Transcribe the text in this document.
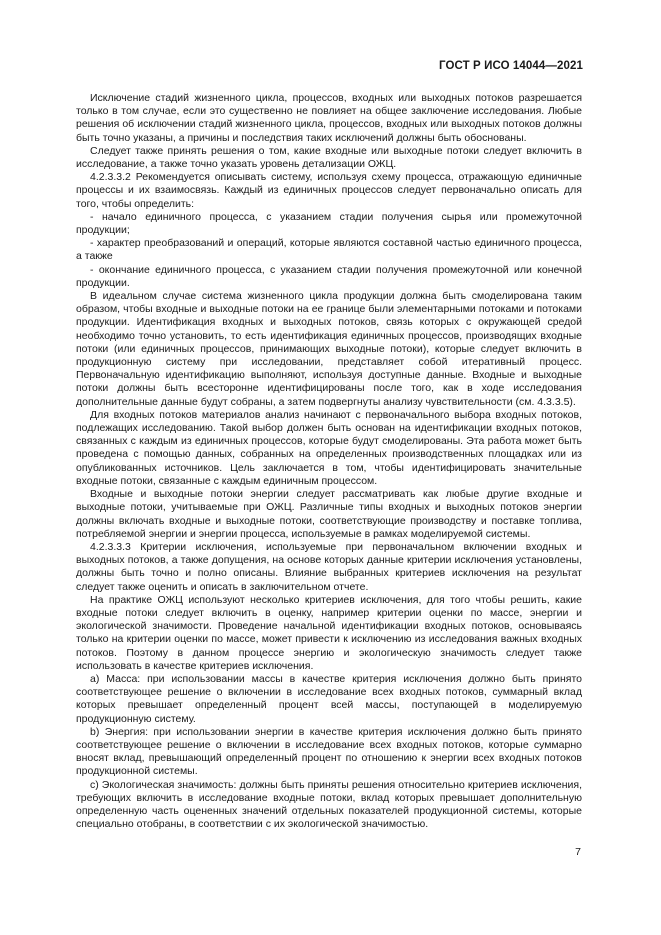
ГОСТ Р ИСО 14044—2021

Исключение стадий жизненного цикла, процессов, входных или выходных потоков разрешается только в том случае, если это существенно не повлияет на общее заключение исследования. Любые решения об исключении стадий жизненного цикла, процессов, входных или выходных потоков должны быть точно указаны, а причины и последствия таких исключений должны быть обоснованы.

Следует также принять решения о том, какие входные или выходные потоки следует включить в исследование, а также точно указать уровень детализации ОЖЦ.

4.2.3.3.2 Рекомендуется описывать систему, используя схему процесса, отражающую единичные процессы и их взаимосвязь. Каждый из единичных процессов следует первоначально описать для того, чтобы определить:

- начало единичного процесса, с указанием стадии получения сырья или промежуточной продукции;

- характер преобразований и операций, которые являются составной частью единичного процесса, а также

- окончание единичного процесса, с указанием стадии получения промежуточной или конечной продукции.

В идеальном случае система жизненного цикла продукции должна быть смоделирована таким образом, чтобы входные и выходные потоки на ее границе были элементарными потоками и потоками продукции. Идентификация входных и выходных потоков, связь которых с окружающей средой необходимо точно установить, то есть идентификация единичных процессов, производящих входные потоки (или единичных процессов, принимающих выходные потоки), которые следует включить в продукционную систему при исследовании, представляет собой итеративный процесс. Первоначальную идентификацию выполняют, используя доступные данные. Входные и выходные потоки должны быть всесторонне идентифицированы после того, как в ходе исследования дополнительные данные будут собраны, а затем подвергнуты анализу чувствительности (см. 4.3.3.5).

Для входных потоков материалов анализ начинают с первоначального выбора входных потоков, подлежащих исследованию. Такой выбор должен быть основан на идентификации входных потоков, связанных с каждым из единичных процессов, которые будут смоделированы. Эта работа может быть проведена с помощью данных, собранных на определенных производственных площадках или из опубликованных источников. Цель заключается в том, чтобы идентифицировать значительные входные потоки, связанные с каждым единичным процессом.

Входные и выходные потоки энергии следует рассматривать как любые другие входные и выходные потоки, учитываемые при ОЖЦ. Различные типы входных и выходных потоков энергии должны включать входные и выходные потоки, соответствующие производству и поставке топлива, потребляемой энергии и энергии процесса, используемые в рамках моделируемой системы.

4.2.3.3.3 Критерии исключения, используемые при первоначальном включении входных и выходных потоков, а также допущения, на основе которых данные критерии исключения установлены, должны быть точно и полно описаны. Влияние выбранных критериев исключения на результат следует также оценить и описать в заключительном отчете.

На практике ОЖЦ используют несколько критериев исключения, для того чтобы решить, какие входные потоки следует включить в оценку, например критерии оценки по массе, энергии и экологической значимости. Проведение начальной идентификации входных потоков, основываясь только на критерии оценки по массе, может привести к исключению из исследования важных входных потоков. Поэтому в данном процессе энергию и экологическую значимость следует также использовать в качестве критериев исключения.

a) Масса: при использовании массы в качестве критерия исключения должно быть принято соответствующее решение о включении в исследование всех входных потоков, суммарный вклад которых превышает определенный процент всей массы, поступающей в моделируемую продукционную систему.

b) Энергия: при использовании энергии в качестве критерия исключения должно быть принято соответствующее решение о включении в исследование всех входных потоков, которые суммарно вносят вклад, превышающий определенный процент по отношению к энергии всех входных потоков продукционной системы.

c) Экологическая значимость: должны быть приняты решения относительно критериев исключения, требующих включить в исследование входные потоки, вклад которых превышает дополнительную определенную часть оцененных значений отдельных показателей продукционной системы, которые специально отобраны, в соответствии с их экологической значимостью.

7
